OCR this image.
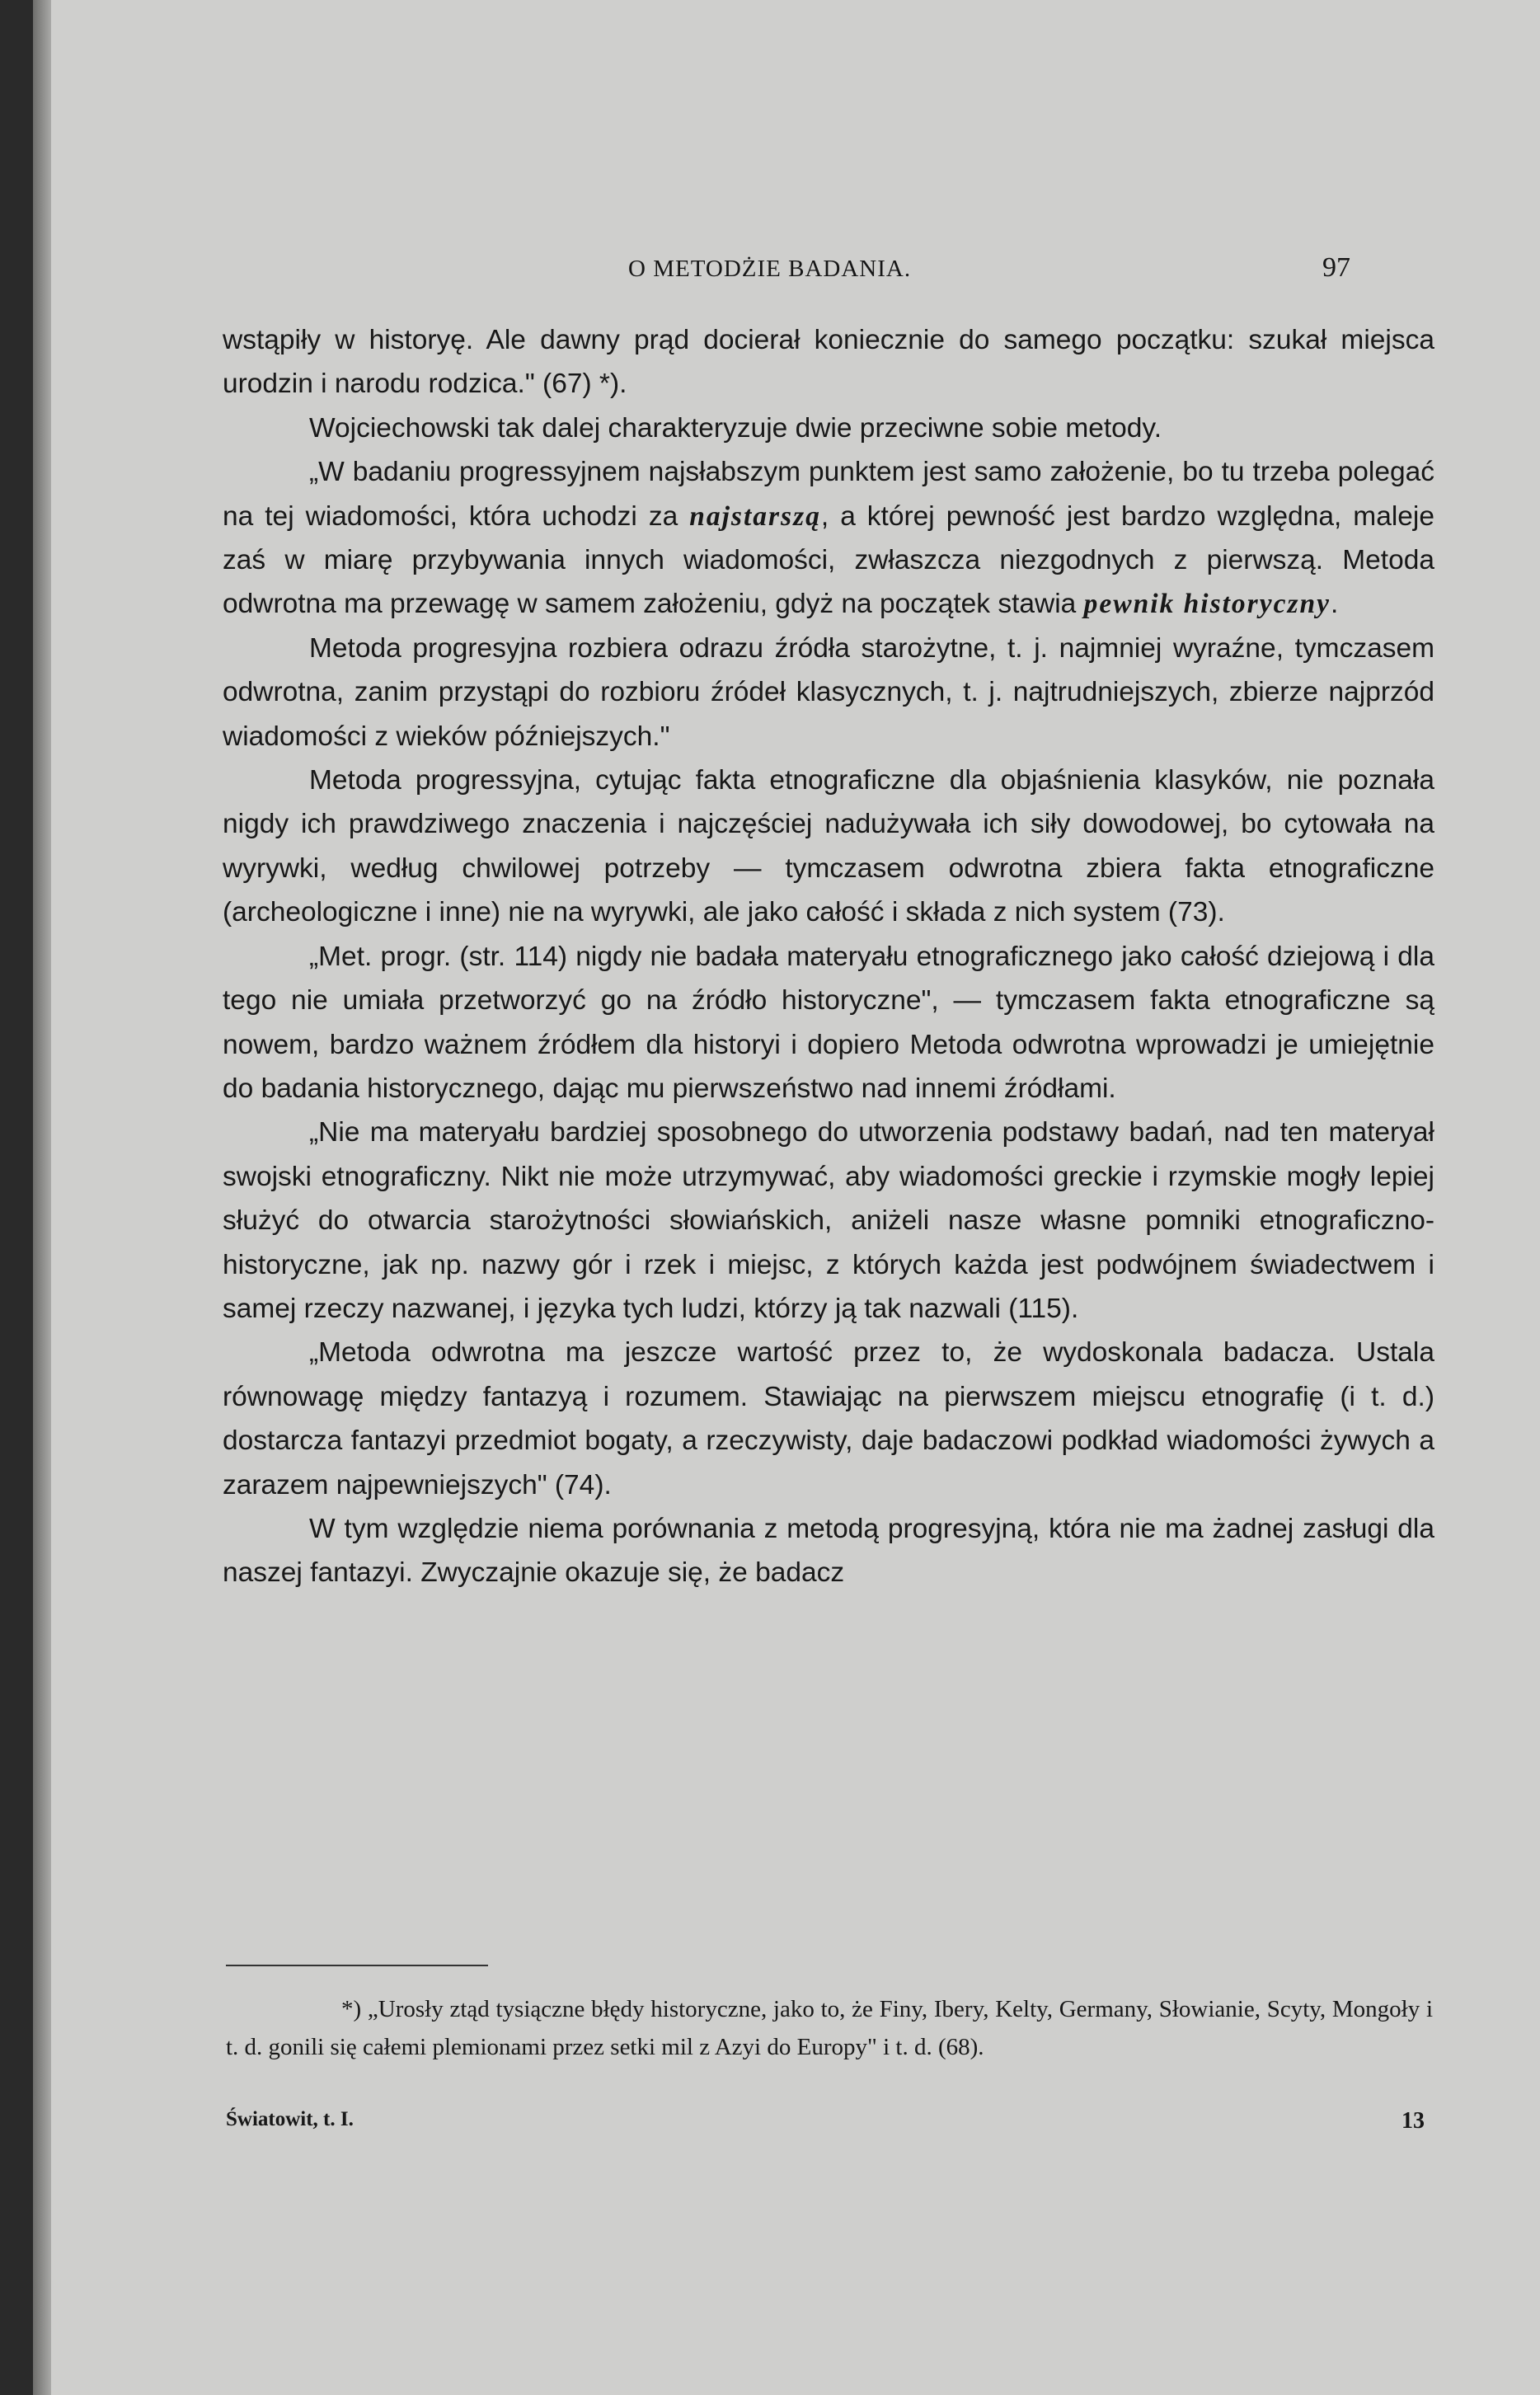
O METODŻIE BADANIA.	97

wstąpiły w historyę. Ale dawny prąd docierał koniecznie do samego początku: szukał miejsca urodzin i narodu rodzica." (67) *).

Wojciechowski tak dalej charakteryzuje dwie przeciwne sobie metody.

„W badaniu progressyjnem najsłabszym punktem jest samo założenie, bo tu trzeba polegać na tej wiadomości, która uchodzi za najstarszą, a której pewność jest bardzo względna, maleje zaś w miarę przybywania innych wiadomości, zwłaszcza niezgodnych z pierwszą. Metoda odwrotna ma przewagę w samem założeniu, gdyż na początek stawia pewnik historyczny.

Metoda progresyjna rozbiera odrazu źródła starożytne, t. j. najmniej wyraźne, tymczasem odwrotna, zanim przystąpi do rozbioru źródeł klasycznych, t. j. najtrudniejszych, zbierze najprzód wiadomości z wieków późniejszych."

Metoda progressyjna, cytując fakta etnograficzne dla objaśnienia klasyków, nie poznała nigdy ich prawdziwego znaczenia i najczęściej nadużywała ich siły dowodowej, bo cytowała na wyrywki, według chwilowej potrzeby — tymczasem odwrotna zbiera fakta etnograficzne (archeologiczne i inne) nie na wyrywki, ale jako całość i składa z nich system (73).

„Met. progr. (str. 114) nigdy nie badała materyału etnograficznego jako całość dziejową i dla tego nie umiała przetworzyć go na źródło historyczne", — tymczasem fakta etnograficzne są nowem, bardzo ważnem źródłem dla historyi i dopiero Metoda odwrotna wprowadzi je umiejętnie do badania historycznego, dając mu pierwszeństwo nad innemi źródłami.

„Nie ma materyału bardziej sposobnego do utworzenia podstawy badań, nad ten materyał swojski etnograficzny. Nikt nie może utrzymywać, aby wiadomości greckie i rzymskie mogły lepiej służyć do otwarcia starożytności słowiańskich, aniżeli nasze własne pomniki etnograficzno-historyczne, jak np. nazwy gór i rzek i miejsc, z których każda jest podwójnem świadectwem i samej rzeczy nazwanej, i języka tych ludzi, którzy ją tak nazwali (115).

„Metoda odwrotna ma jeszcze wartość przez to, że wydoskonala badacza. Ustala równowagę między fantazyą i rozumem. Stawiając na pierwszem miejscu etnografię (i t. d.) dostarcza fantazyi przedmiot bogaty, a rzeczywisty, daje badaczowi podkład wiadomości żywych a zarazem najpewniejszych" (74).

W tym względzie niema porównania z metodą progresyjną, która nie ma żadnej zasługi dla naszej fantazyi. Zwyczajnie okazuje się, że badacz

*) „Urosły ztąd tysiączne błędy historyczne, jako to, że Finy, Ibery, Kelty, Germany, Słowianie, Scyty, Mongoły i t. d. gonili się całemi plemionami przez setki mil z Azyi do Europy" i t. d. (68).

Światowit, t. I.	13
